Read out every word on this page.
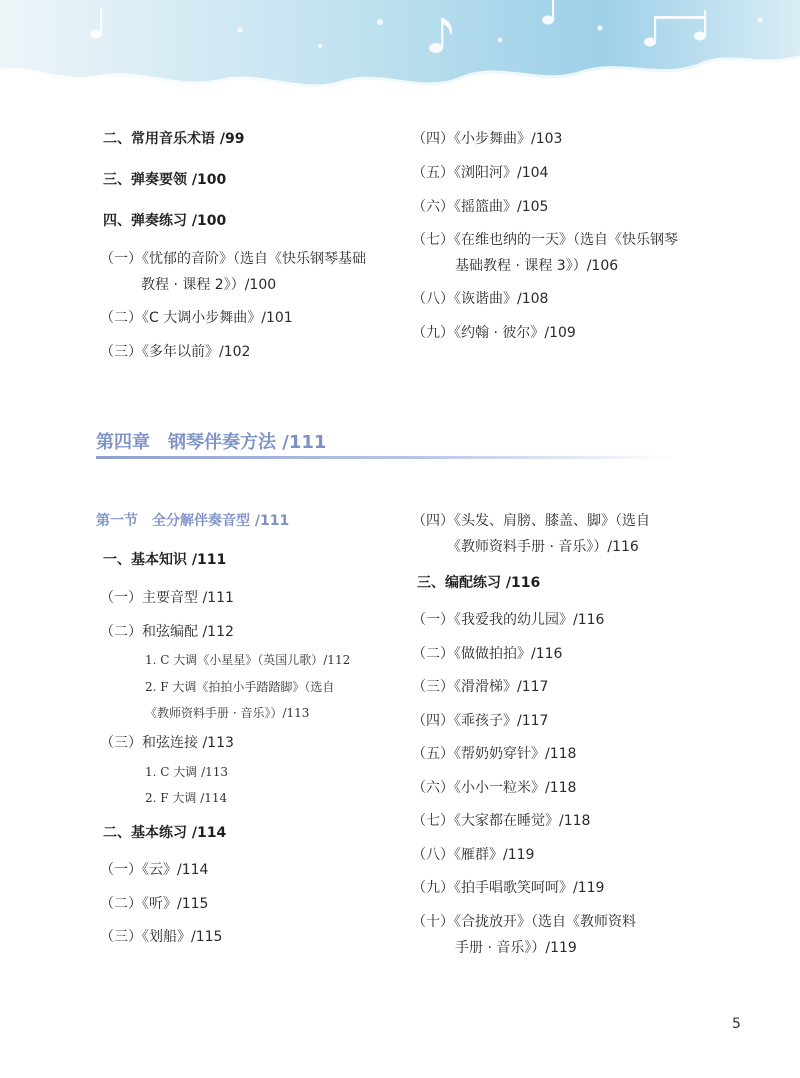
二、常用音乐术语 /99
三、弹奏要领 /100
四、弹奏练习 /100
（一）《忧郁的音阶》（选自《快乐钢琴基础
教程 · 课程 2》）/100
（二）《C 大调小步舞曲》/101
（三）《多年以前》/102
（四）《小步舞曲》/103
（五）《浏阳河》/104
（六）《摇篮曲》/105
（七）《在维也纳的一天》（选自《快乐钢琴
基础教程 · 课程 3》）/106
（八）《诙谐曲》/108
（九）《约翰 · 彼尔》/109
第四章　钢琴伴奏方法 /111
第一节　全分解伴奏音型 /111
一、基本知识 /111
（一）主要音型 /111
（二）和弦编配 /112
1. C 大调《小星星》（英国儿歌）/112
2. F 大调《拍拍小手踏踏脚》（选自
《教师资料手册 · 音乐》）/113
（三）和弦连接 /113
1. C 大调 /113
2. F 大调 /114
二、基本练习 /114
（一）《云》/114
（二）《听》/115
（三）《划船》/115
（四）《头发、肩膀、膝盖、脚》（选自
《教师资料手册 · 音乐》）/116
三、编配练习 /116
（一）《我爱我的幼儿园》/116
（二）《做做拍拍》/116
（三）《滑滑梯》/117
（四）《乖孩子》/117
（五）《帮奶奶穿针》/118
（六）《小小一粒米》/118
（七）《大家都在睡觉》/118
（八）《雁群》/119
（九）《拍手唱歌笑呵呵》/119
（十）《合拢放开》（选自《教师资料
手册 · 音乐》）/119
5
